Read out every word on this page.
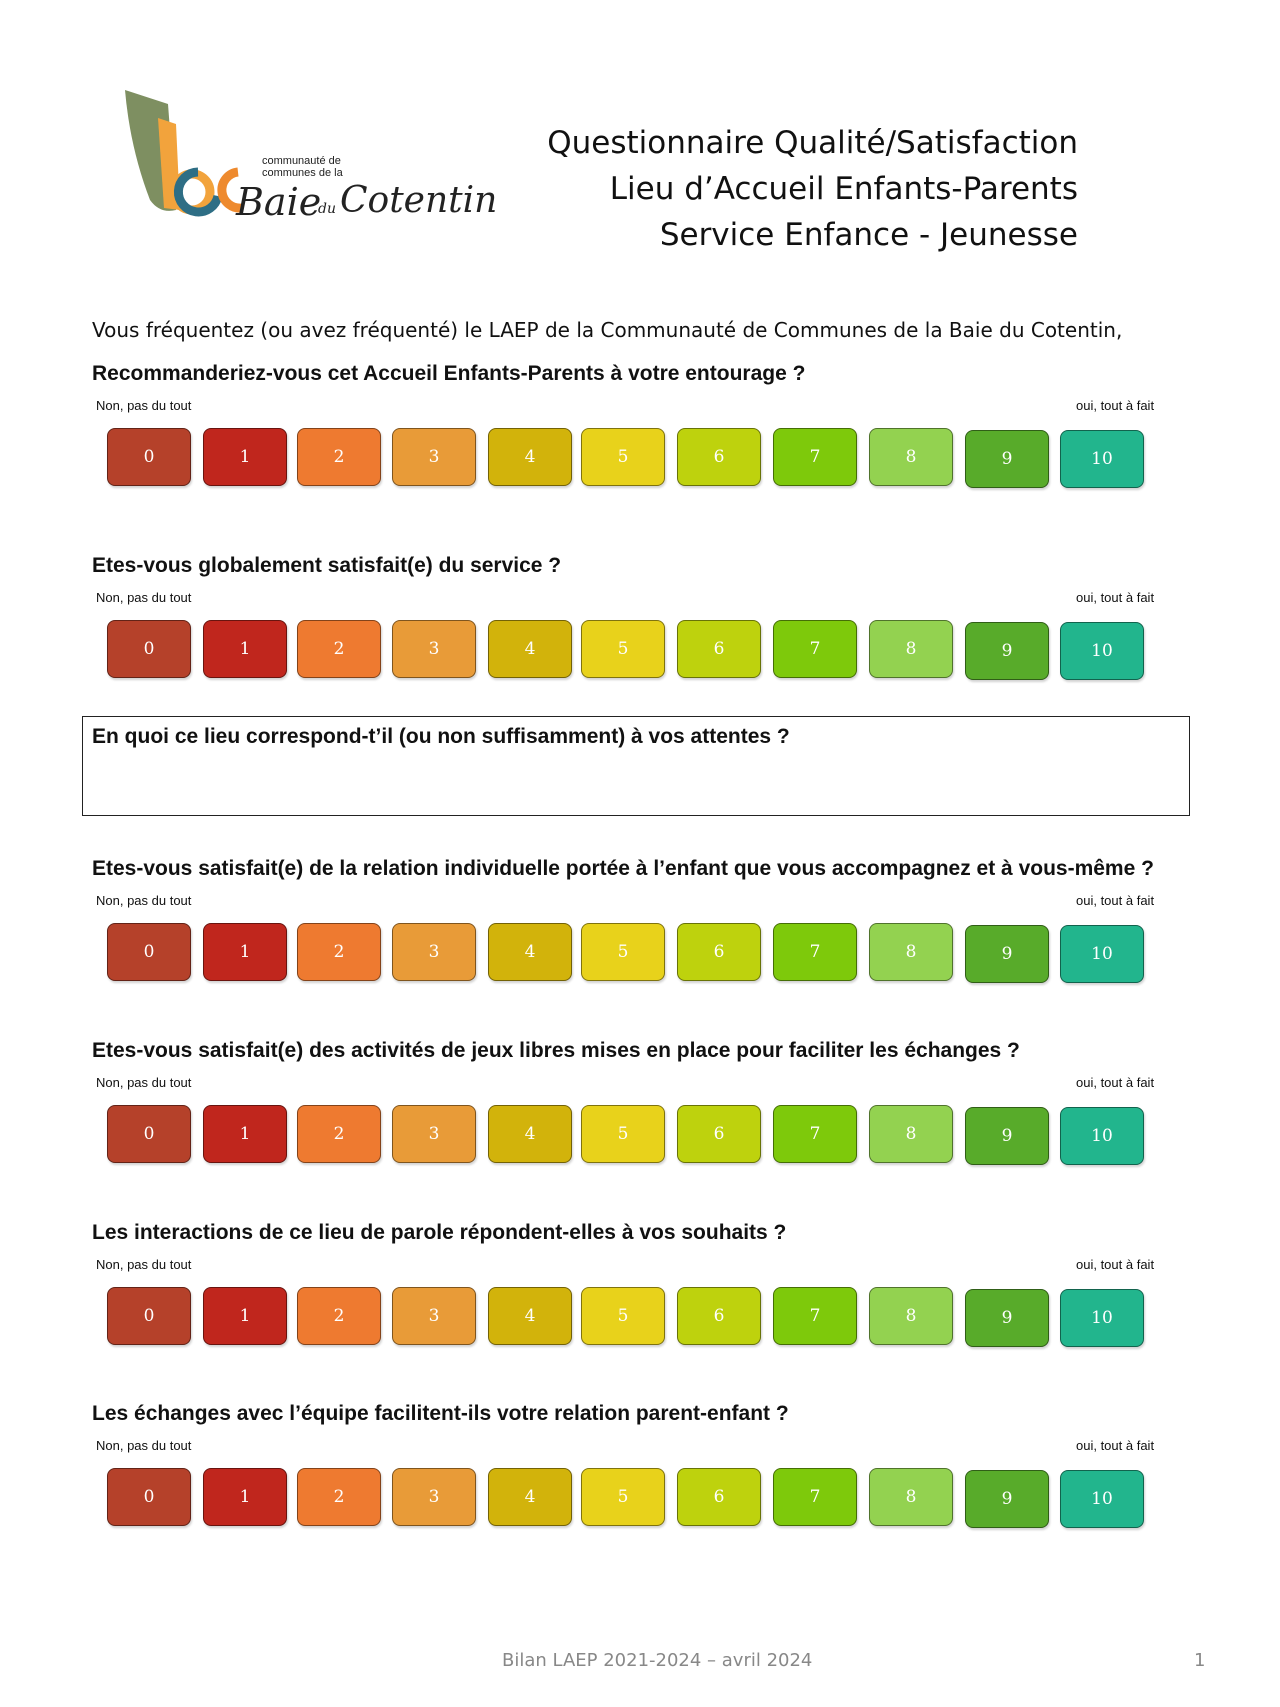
communauté de
communes de la
Baie
du Cotentin
Questionnaire Qualité/Satisfaction
Lieu d’Accueil Enfants-Parents
Service Enfance - Jeunesse
Vous fréquentez (ou avez fréquenté) le LAEP de la Communauté de Communes de la Baie du Cotentin,
Recommanderiez-vous cet Accueil Enfants-Parents à votre entourage ?
Non, pas du tout	oui, tout à fait
0	1	2	3	4	5	6	7	8	9	10
Etes-vous globalement satisfait(e) du service ?
Non, pas du tout	oui, tout à fait
0	1	2	3	4	5	6	7	8	9	10
En quoi ce lieu correspond-t’il (ou non suffisamment) à vos attentes ?
Etes-vous satisfait(e) de la relation individuelle portée à l’enfant que vous accompagnez et à vous-même ?
Non, pas du tout	oui, tout à fait
0	1	2	3	4	5	6	7	8	9	10
Etes-vous satisfait(e) des activités de jeux libres mises en place pour faciliter les échanges ?
Non, pas du tout	oui, tout à fait
0	1	2	3	4	5	6	7	8	9	10
Les interactions de ce lieu de parole répondent-elles à vos souhaits ?
Non, pas du tout	oui, tout à fait
0	1	2	3	4	5	6	7	8	9	10
Les échanges avec l’équipe facilitent-ils votre relation parent-enfant ?
Non, pas du tout	oui, tout à fait
0	1	2	3	4	5	6	7	8	9	10
Bilan LAEP 2021-2024 – avril 2024	1
